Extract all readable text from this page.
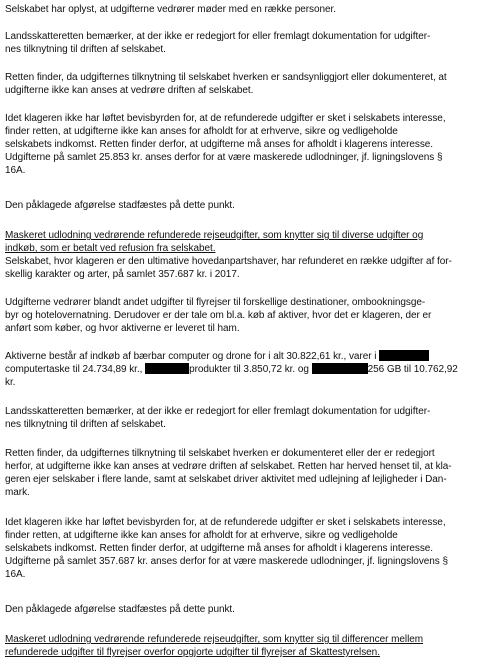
Selskabet har oplyst, at udgifterne vedrører møder med en række personer.
Landsskatteretten bemærker, at der ikke er redegjort for eller fremlagt dokumentation for udgifter-
nes tilknytning til driften af selskabet.
Retten finder, da udgifternes tilknytning til selskabet hverken er sandsynliggjort eller dokumenteret, at
udgifterne ikke kan anses at vedrøre driften af selskabet.
Idet klageren ikke har løftet bevisbyrden for, at de refunderede udgifter er sket i selskabets interesse,
finder retten, at udgifterne ikke kan anses for afholdt for at erhverve, sikre og vedligeholde
selskabets indkomst. Retten finder derfor, at udgifterne må anses for afholdt i klagerens interesse.
Udgifterne på samlet 25.853 kr. anses derfor for at være maskerede udlodninger, jf. ligningslovens §
16A.
Den påklagede afgørelse stadfæstes på dette punkt.
Maskeret udlodning vedrørende refunderede rejseudgifter, som knytter sig til diverse udgifter og
indkøb, som er betalt ved refusion fra selskabet.
Selskabet, hvor klageren er den ultimative hovedanpartshaver, har refunderet en række udgifter af for-
skellig karakter og arter, på samlet 357.687 kr. i 2017.
Udgifterne vedrører blandt andet udgifter til flyrejser til forskellige destinationer, ombookningsge-
byr og hotelovernatning. Derudover er der tale om bl.a. køb af aktiver, hvor det er klageren, der er
anført som køber, og hvor aktiverne er leveret til ham.
Aktiverne består af indkøb af bærbar computer og drone for i alt 30.822,61 kr., varer i
computertaske til 24.734,89 kr.,	produkter til 3.850,72 kr. og	256 GB til 10.762,92
kr.
Landsskatteretten bemærker, at der ikke er redegjort for eller fremlagt dokumentation for udgifter-
nes tilknytning til driften af selskabet.
Retten finder, da udgifternes tilknytning til selskabet hverken er dokumenteret eller der er redegjort
herfor, at udgifterne ikke kan anses at vedrøre driften af selskabet. Retten har herved henset til, at kla-
geren ejer selskaber i flere lande, samt at selskabet driver aktivitet med udlejning af lejligheder i Dan-
mark.
Idet klageren ikke har løftet bevisbyrden for, at de refunderede udgifter er sket i selskabets interesse,
finder retten, at udgifterne ikke kan anses for afholdt for at erhverve, sikre og vedligeholde
selskabets indkomst. Retten finder derfor, at udgifterne må anses for afholdt i klagerens interesse.
Udgifterne på samlet 357.687 kr. anses derfor for at være maskerede udlodninger, jf. ligningslovens §
16A.
Den påklagede afgørelse stadfæstes på dette punkt.
Maskeret udlodning vedrørende refunderede rejseudgifter, som knytter sig til differencer mellem
refunderede udgifter til flyrejser overfor opgjorte udgifter til flyrejser af Skattestyrelsen.
